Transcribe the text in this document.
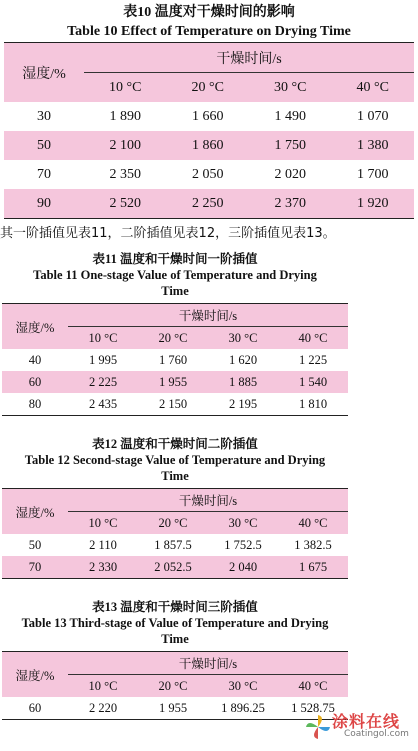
表10 温度对干燥时间的影响
Table 10 Effect of Temperature on Drying Time
湿度/%	干燥时间/s			
	10 °C	20 °C	30 °C	40 °C
30	1 890	1 660	1 490	1 070
50	2 100	1 860	1 750	1 380
70	2 350	2 050	2 020	1 700
90	2 520	2 250	2 370	1 920
其一阶插值见表11，二阶插值见表12，三阶插值见表13。
表11 温度和干燥时间一阶插值
Table 11 One-stage Value of Temperature and Drying
Time
湿度/%	干燥时间/s			
	10 °C	20 °C	30 °C	40 °C
40	1 995	1 760	1 620	1 225
60	2 225	1 955	1 885	1 540
80	2 435	2 150	2 195	1 810
表12 温度和干燥时间二阶插值
Table 12 Second-stage Value of Temperature and Drying
Time
湿度/%	干燥时间/s			
	10 °C	20 °C	30 °C	40 °C
50	2 110	1 857.5	1 752.5	1 382.5
70	2 330	2 052.5	2 040	1 675
表13 温度和干燥时间三阶插值
Table 13 Third-stage of Value of Temperature and Drying
Time
湿度/%	干燥时间/s			
	10 °C	20 °C	30 °C	40 °C
60	2 220	1 955	1 896.25	1 528.75
涂料在线
Coatingol.com
